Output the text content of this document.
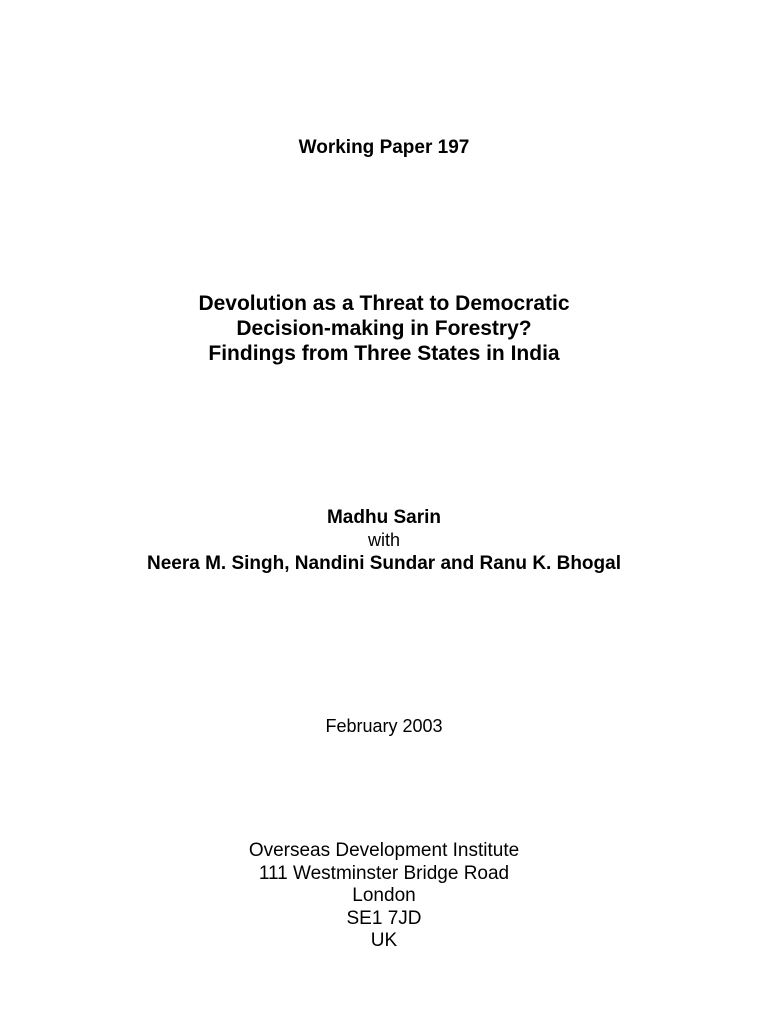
Working Paper 197
Devolution as a Threat to Democratic
Decision-making in Forestry?
Findings from Three States in India
Madhu Sarin
with
Neera M. Singh, Nandini Sundar and Ranu K. Bhogal
February 2003
Overseas Development Institute
111 Westminster Bridge Road
London
SE1 7JD
UK
